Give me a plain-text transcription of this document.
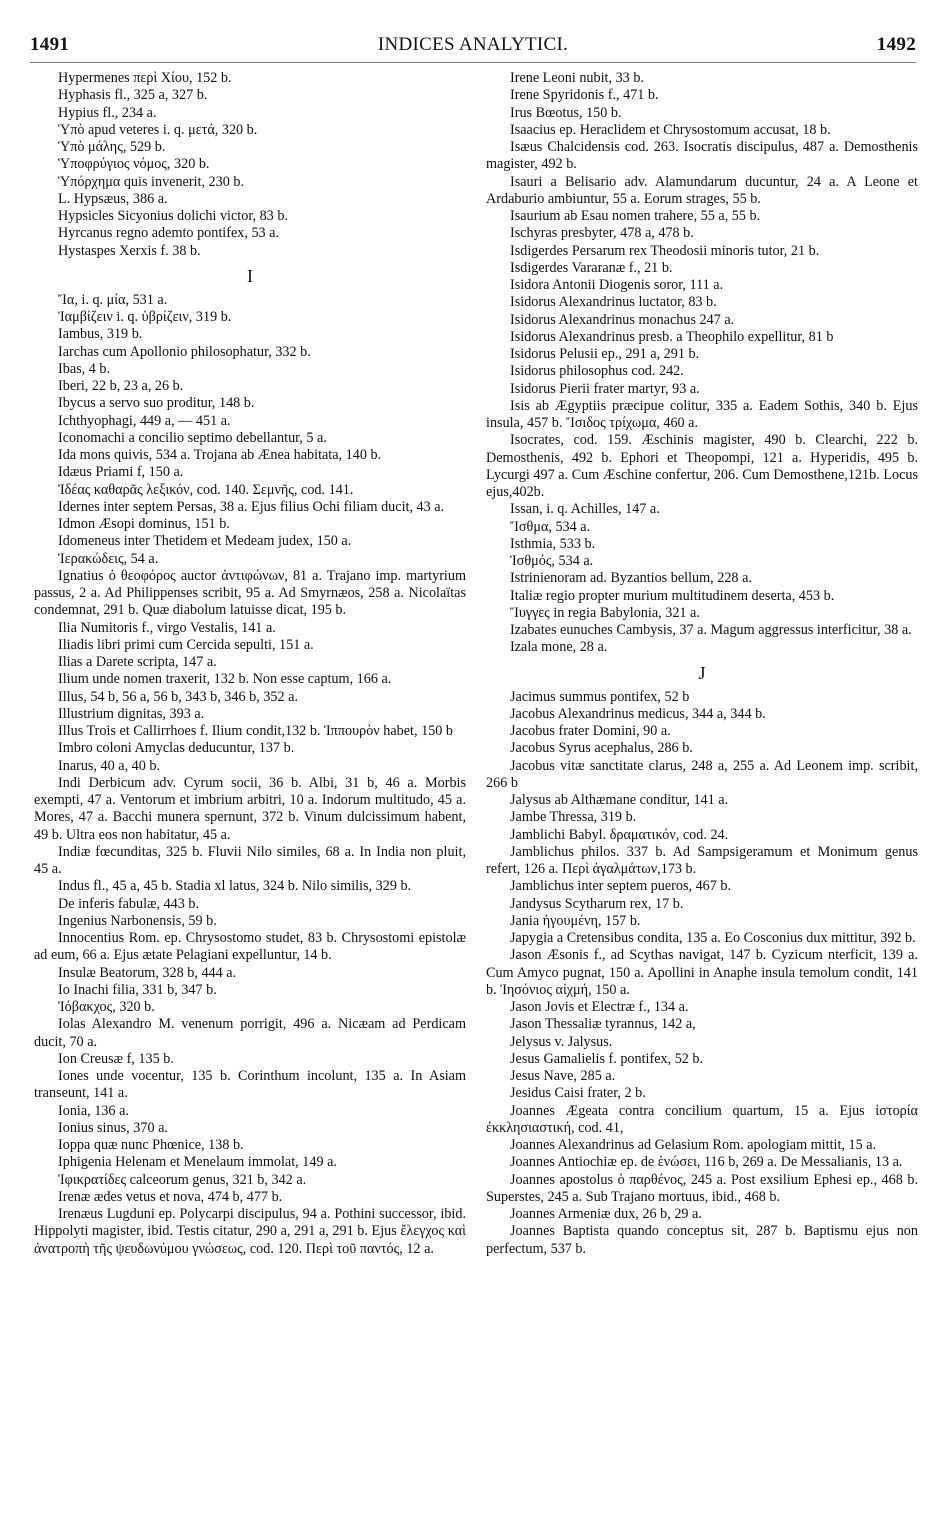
1491	INDICES ANALYTICI.	1492

Hypermenes περὶ Χίου, 152 b.

Hyphasis fl., 325 a, 327 b.

Hypius fl., 234 a.

Ὑπὸ apud veteres i. q. μετά, 320 b.

Ὑπὸ μάλης, 529 b.

Ὑποφρύγιος νόμος, 320 b.

Ὑπόρχημα quis invenerit, 230 b.

L. Hypsæus, 386 a.

Hypsicles Sicyonius dolichi victor, 83 b.

Hyrcanus regno ademto pontifex, 53 a.

Hystaspes Xerxis f. 38 b.

I

Ἴα, i. q. μία, 531 a.

Ἰαμβίζειν i. q. ὑβρίζειν, 319 b.

Iambus, 319 b.

Iarchas cum Apollonio philosophatur, 332 b.

Ibas, 4 b.

Iberi, 22 b, 23 a, 26 b.

Ibycus a servo suo proditur, 148 b.

Ichthyophagi, 449 a, — 451 a.

Iconomachi a concilio septimo debellantur, 5 a.

Ida mons quivis, 534 a. Trojana ab Ænea habitata, 140 b.

Idæus Priami f, 150 a.

Ἰδέας καθαρᾶς λεξικόν, cod. 140. Σεμνῆς, cod. 141.

Idernes inter septem Persas, 38 a. Ejus filius Ochi filiam ducit, 43 a.

Idmon Æsopi dominus, 151 b.

Idomeneus inter Thetidem et Medeam judex, 150 a.

Ἱερακώδεις, 54 a.

Ignatius ὁ θεοφόρος auctor ἀντιφώνων, 81 a. Trajano imp. martyrium passus, 2 a. Ad Philippenses scribit, 95 a. Ad Smyrnæos, 258 a. Nicolaïtas condemnat, 291 b. Quæ diabolum latuisse dicat, 195 b.

Ilia Numitoris f., virgo Vestalis, 141 a.

Iliadis libri primi cum Cercida sepulti, 151 a.

Ilias a Darete scripta, 147 a.

Ilium unde nomen traxerit, 132 b. Non esse captum, 166 a.

Illus, 54 b, 56 a, 56 b, 343 b, 346 b, 352 a.

Illustrium dignitas, 393 a.

Illus Trois et Callirrhoes f. Ilium condit,132 b. Ἱππουρὸν habet, 150 b

Imbro coloni Amyclas deducuntur, 137 b.

Inarus, 40 a, 40 b.

Indi Derbicum adv. Cyrum socii, 36 b. Albi, 31 b, 46 a. Morbis exempti, 47 a. Ventorum et imbrium arbitri, 10 a. Indorum multitudo, 45 a. Mores, 47 a. Bacchi munera spernunt, 372 b. Vinum dulcissimum habent, 49 b. Ultra eos non habitatur, 45 a.

Indiæ fœcunditas, 325 b. Fluvii Nilo similes, 68 a. In India non pluit, 45 a.

Indus fl., 45 a, 45 b. Stadia xl latus, 324 b. Nilo similis, 329 b.

De inferis fabulæ, 443 b.

Ingenius Narbonensis, 59 b.

Innocentius Rom. ep. Chrysostomo studet, 83 b. Chrysostomi epistolæ ad eum, 66 a. Ejus ætate Pelagiani expelluntur, 14 b.

Insulæ Beatorum, 328 b, 444 a.

Io Inachi filia, 331 b, 347 b.

Ἰόβακχος, 320 b.

Iolas Alexandro M. venenum porrigit, 496 a. Nicæam ad Perdicam ducit, 70 a.

Ion Creusæ f, 135 b.

Iones unde vocentur, 135 b. Corinthum incolunt, 135 a. In Asiam transeunt, 141 a.

Ionia, 136 a.

Ionius sinus, 370 a.

Ioppa quæ nunc Phœnice, 138 b.

Iphigenia Helenam et Menelaum immolat, 149 a.

Ἰφικρατίδες calceorum genus, 321 b, 342 a.

Irenæ ædes vetus et nova, 474 b, 477 b.

Irenæus Lugduni ep. Polycarpi discipulus, 94 a. Pothini successor, ibid. Hippolyti magister, ibid. Testis citatur, 290 a, 291 a, 291 b. Ejus ἔλεγχος καὶ ἀνατροπὴ τῆς ψευδωνύμου γνώσεως, cod. 120. Περὶ τοῦ παντός, 12 a.

Irene Leoni nubit, 33 b.

Irene Spyridonis f., 471 b.

Irus Bœotus, 150 b.

Isaacius ep. Heraclidem et Chrysostomum accusat, 18 b.

Isæus Chalcidensis cod. 263. Isocratis discipulus, 487 a. Demosthenis magister, 492 b.

Isauri a Belisario adv. Alamundarum ducuntur, 24 a. A Leone et Ardaburio ambiuntur, 55 a. Eorum strages, 55 b.

Isaurium ab Esau nomen trahere, 55 a, 55 b.

Ischyras presbyter, 478 a, 478 b.

Isdigerdes Persarum rex Theodosii minoris tutor, 21 b.

Isdigerdes Vararanæ f., 21 b.

Isidora Antonii Diogenis soror, 111 a.

Isidorus Alexandrinus luctator, 83 b.

Isidorus Alexandrinus monachus 247 a.

Isidorus Alexandrinus presb. a Theophilo expellitur, 81 b

Isidorus Pelusii ep., 291 a, 291 b.

Isidorus philosophus cod. 242.

Isidorus Pierii frater martyr, 93 a.

Isis ab Ægyptiis præcipue colitur, 335 a. Eadem Sothis, 340 b. Ejus insula, 457 b. Ἴσιδος τρίχωμα, 460 a.

Isocrates, cod. 159. Æschinis magister, 490 b. Clearchi, 222 b. Demosthenis, 492 b. Ephori et Theopompi, 121 a. Hyperidis, 495 b. Lycurgi 497 a. Cum Æschine confertur, 206. Cum Demosthene,121b. Locus ejus,402b.

Issan, i. q. Achilles, 147 a.

Ἴσθμα, 534 a.

Isthmia, 533 b.

Ἰσθμός, 534 a.

Istrinienoram ad. Byzantios bellum, 228 a.

Italiæ regio propter murium multitudinem deserta, 453 b.

Ἴυγγες in regia Babylonia, 321 a.

Izabates eunuches Cambysis, 37 a. Magum aggressus interficitur, 38 a.

Izala mone, 28 a.

J

Jacimus summus pontifex, 52 b

Jacobus Alexandrinus medicus, 344 a, 344 b.

Jacobus frater Domini, 90 a.

Jacobus Syrus acephalus, 286 b.

Jacobus vitæ sanctitate clarus, 248 a, 255 a. Ad Leonem imp. scribit, 266 b

Jalysus ab Althæmane conditur, 141 a.

Jambe Thressa, 319 b.

Jamblichi Babyl. δραματικόν, cod. 24.

Jamblichus philos. 337 b. Ad Sampsigeramum et Monimum genus refert, 126 a. Περὶ ἀγαλμάτων,173 b.

Jamblichus inter septem pueros, 467 b.

Jandysus Scytharum rex, 17 b.

Jania ἡγουμένη, 157 b.

Japygia a Cretensibus condita, 135 a. Eo Cosconius dux mittitur, 392 b.

Jason Æsonis f., ad Scythas navigat, 147 b. Cyzicum nterficit, 139 a. Cum Amyco pugnat, 150 a. Apollini in Anaphe insula temolum condit, 141 b. Ἰησόνιος αἰχμή, 150 a.

Jason Jovis et Electræ f., 134 a.

Jason Thessaliæ tyrannus, 142 a,

Jelysus v. Jalysus.

Jesus Gamalielis f. pontifex, 52 b.

Jesus Nave, 285 a.

Jesidus Caisi frater, 2 b.

Joannes Ægeata contra concilium quartum, 15 a. Ejus ἱστορία ἐκκλησιαστική, cod. 41,

Joannes Alexandrinus ad Gelasium Rom. apologiam mittit, 15 a.

Joannes Antiochiæ ep. de ἑνώσει, 116 b, 269 a. De Messalianis, 13 a.

Joannes apostolus ὁ παρθένος, 245 a. Post exsilium Ephesi ep., 468 b. Superstes, 245 a. Sub Trajano mortuus, ibid., 468 b.

Joannes Armeniæ dux, 26 b, 29 a.

Joannes Baptista quando conceptus sit, 287 b. Baptismu ejus non perfectum, 537 b.
